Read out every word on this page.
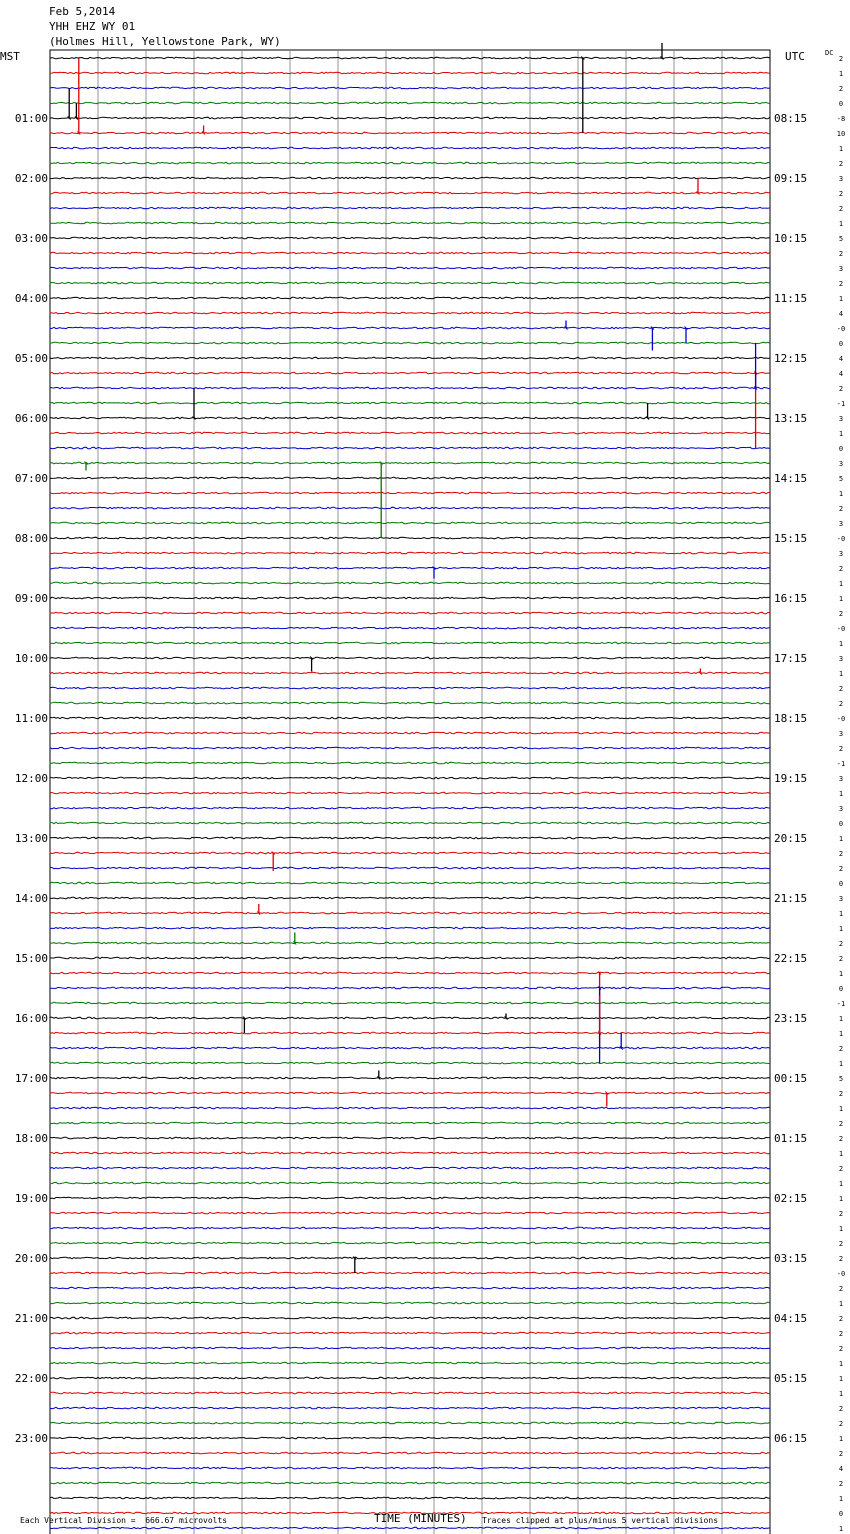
Feb 5,2014
YHH EHZ WY 01
(Holmes Hill, Yellowstone Park, WY)
MST	UTC	DC
2
1
2
0
-8
10
1
2
3
2
2
1
5
2
3
2
1
4
-0
0
4
4
2
-1
3
1
0
3
5
1
2
3
-0
3
2
1
1
2
-0
1
3
1
2
2
-0
3
2
-1
3
1
3
0
1
2
2
0
3
1
1
2
2
1
0
-1
1
1
2
1
5
2
1
2
2
1
2
1
1
2
1
2
2
-0
2
1
2
2
2
1
1
1
2
2
1
2
4
2
1
0
1
01:00	08:15
02:00	09:15
03:00	10:15
04:00	11:15
05:00	12:15
06:00	13:15
07:00	14:15
08:00	15:15
09:00	16:15
10:00	17:15
11:00	18:15
12:00	19:15
13:00	20:15
14:00	21:15
15:00	22:15
16:00	23:15
17:00	00:15
18:00	01:15
19:00	02:15
20:00	03:15
21:00	04:15
22:00	05:15
23:00	06:15
Each Vertical Division =  666.67 microvolts	TIME (MINUTES) Traces clipped at plus/minus 5 vertical divisions
